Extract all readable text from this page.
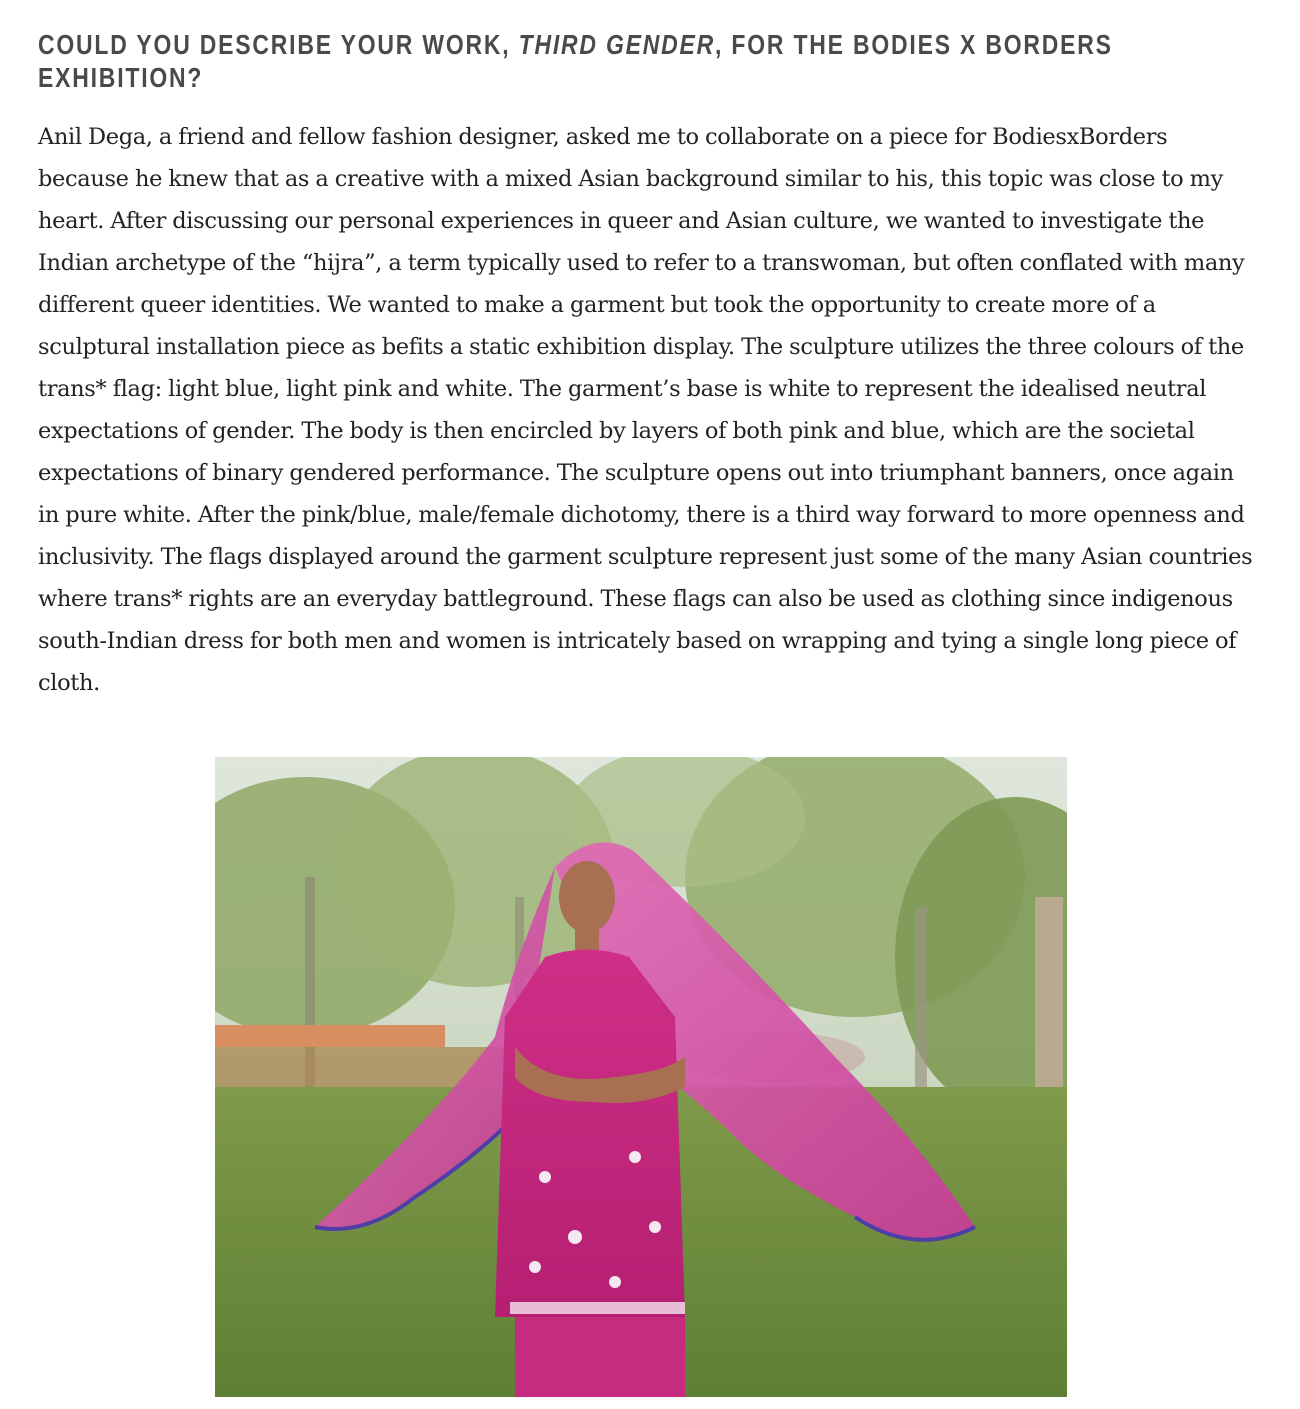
COULD YOU DESCRIBE YOUR WORK, THIRD GENDER, FOR THE BODIES X BORDERS EXHIBITION?

Anil Dega, a friend and fellow fashion designer, asked me to collaborate on a piece for BodiesxBorders because he knew that as a creative with a mixed Asian background similar to his, this topic was close to my heart. After discussing our personal experiences in queer and Asian culture, we wanted to investigate the Indian archetype of the “hijra”, a term typically used to refer to a transwoman, but often conflated with many different queer identities. We wanted to make a garment but took the opportunity to create more of a sculptural installation piece as befits a static exhibition display. The sculpture utilizes the three colours of the trans* flag: light blue, light pink and white. The garment’s base is white to represent the idealised neutral expectations of gender. The body is then encircled by layers of both pink and blue, which are the societal expectations of binary gendered performance. The sculpture opens out into triumphant banners, once again in pure white. After the pink/blue, male/female dichotomy, there is a third way forward to more openness and inclusivity. The flags displayed around the garment sculpture represent just some of the many Asian countries where trans* rights are an everyday battleground. These flags can also be used as clothing since indigenous south-Indian dress for both men and women is intricately based on wrapping and tying a single long piece of cloth.
